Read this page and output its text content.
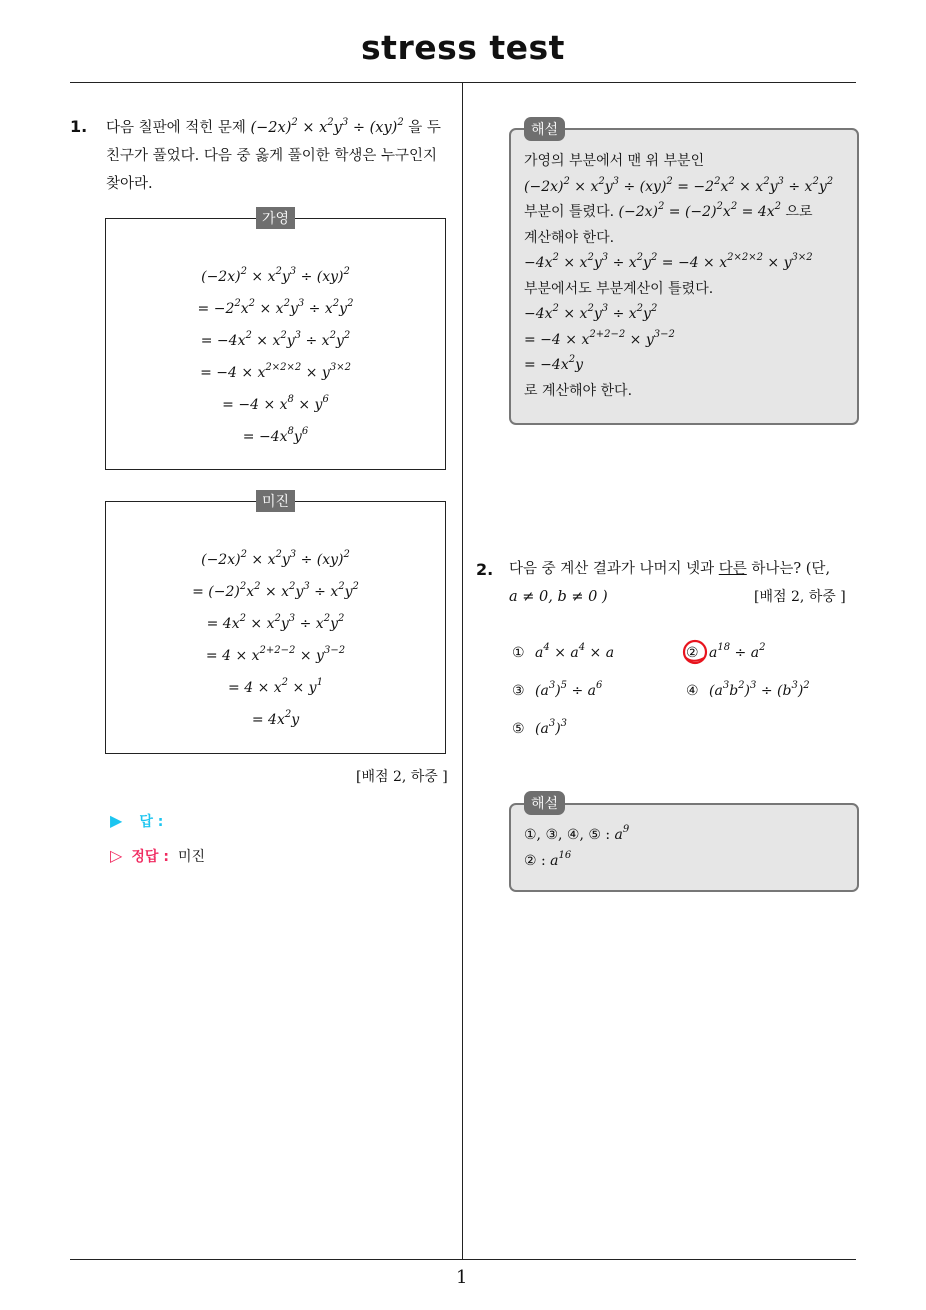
stress test
1
1. 다음 칠판에 적힌 문제 $(-2x)^2 \times x^2y^3 \div (xy)^2$ 을 두
친구가 풀었다. 다음 중 옳게 풀이한 학생은 누구인지
찾아라.
$(-2x)^2 \times x^2y^3 \div (xy)^2$
= $-2^2x^2 \times x^2y^3 \div x^2y^2$
= $-4x^2 \times x^2y^3 \div x^2y^2$
= $-4 \times x^{2\times 2\times 2} \times y^{3\times 2}$
= $-4 \times x^8 \times y^6$
= $-4x^8y^6$
가영
$(-2x)^2 \times x^2y^3 \div (xy)^2$
= $(-2)^2x^2 \times x^2y^3 \div x^2y^2$
= $4x^2 \times x^2y^3 \div x^2y^2$
= $4 \times x^{2+2-2} \times y^{3-2}$
= $4 \times x^2 \times y^1$
= $4x^2y$
미진
[배점 2, 하중 ]
▶ 답 :
▷ 정답 : 미진
가영의 부분에서 맨 위 부분인
$(-2x)^2 \times x^2y^3 \div (xy)^2 = -2^2x^2 \times x^2y^3 \div x^2y^2$
부분이 틀렸다. $(-2x)^2 = (-2)^2x^2 = 4x^2$ 으로
계산해야 한다.
$-4x^2 \times x^2y^3 \div x^2y^2 = -4 \times x^{2\times 2\times 2} \times y^{3\times 2}$
부분에서도 부분계산이 틀렸다.
$-4x^2 \times x^2y^3 \div x^2y^2$
= $-4 \times x^{2+2-2} \times y^{3-2}$
= $-4x^2y$
로 계산해야 한다.
해설
2. 다음 중 계산 결과가 나머지 넷과 다른 하나는? (단,
a ≠ 0, b ≠ 0 )	[배점 2, 하중 ]
① $a^4 \times a^4 \times a$	② $a^{18} \div a^2$
③ $(a^3)^5 \div a^6$	④ $(a^3b^2)^3 \div (b^3)^2$
⑤ $(a^3)^3$
①, ③, ④, ⑤ : $a^9$
② : $a^{16}$
해설
